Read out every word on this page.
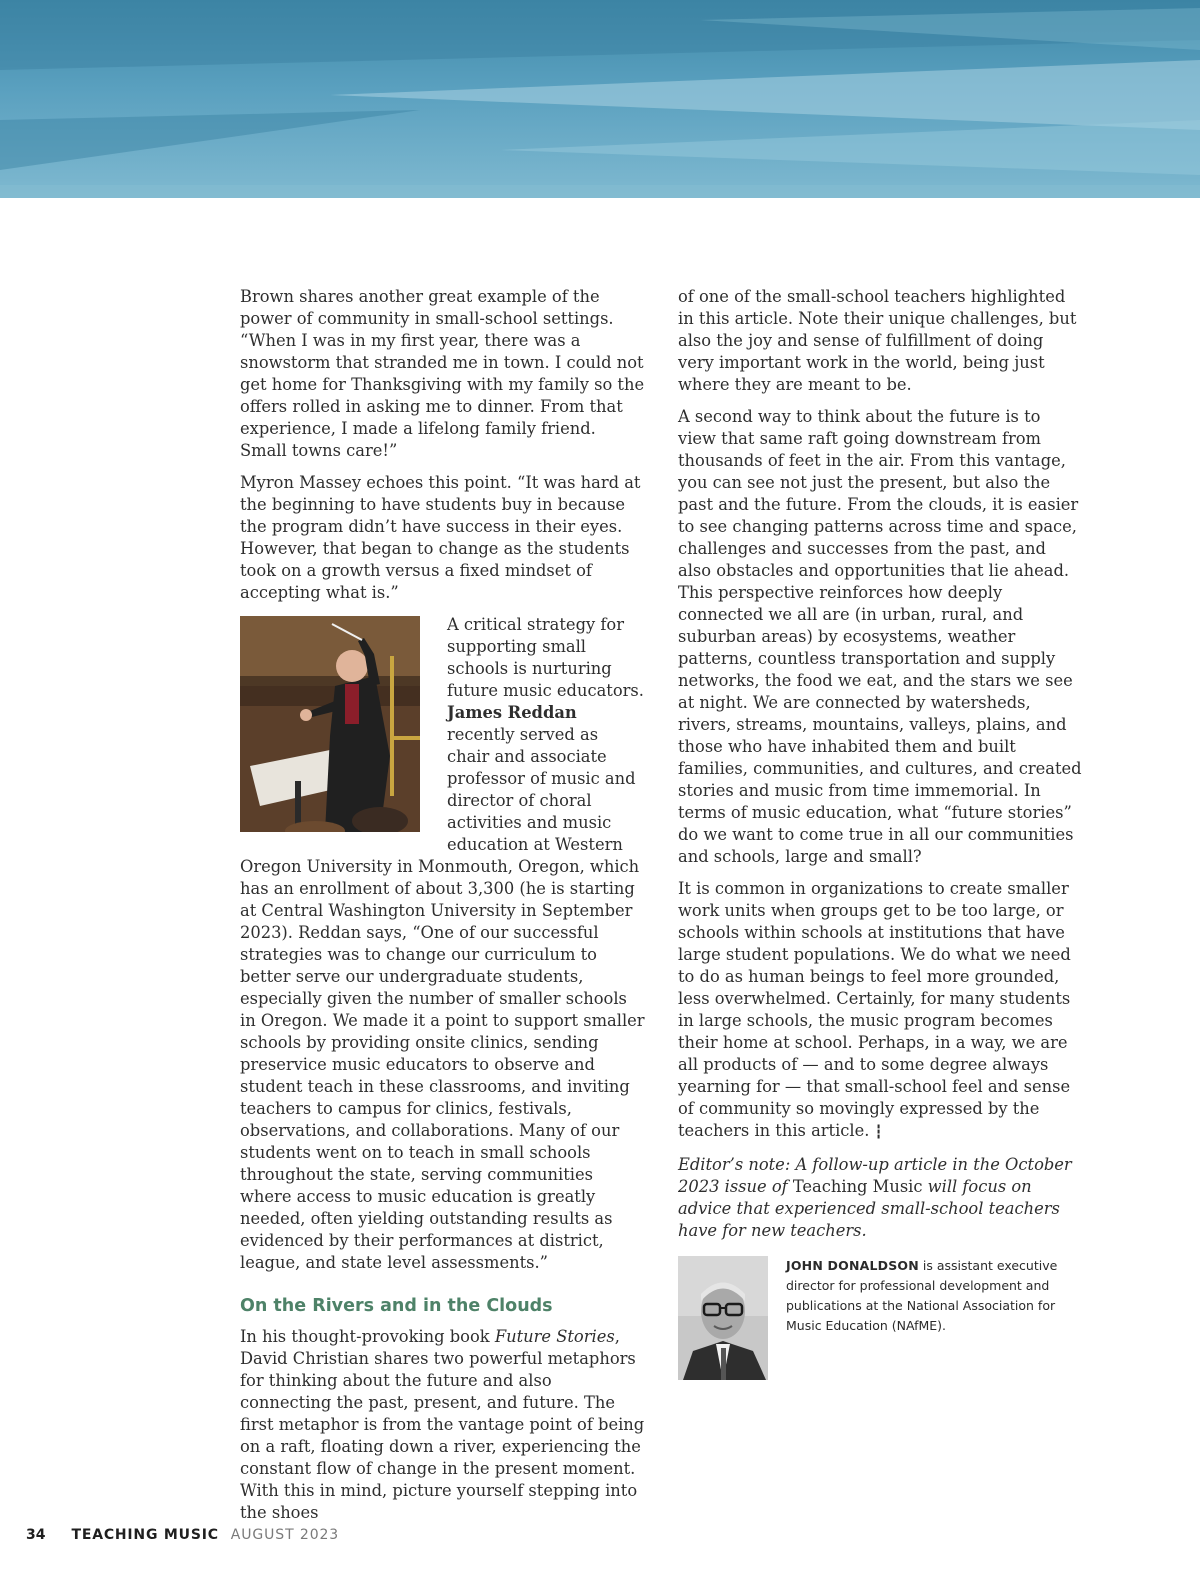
Brown shares another great example of the power of community in small-school settings. “When I was in my first year, there was a snowstorm that stranded me in town. I could not get home for Thanksgiving with my family so the offers rolled in asking me to dinner. From that experience, I made a lifelong family friend. Small towns care!”

Myron Massey echoes this point. “It was hard at the beginning to have students buy in because the program didn’t have success in their eyes. However, that began to change as the students took on a growth versus a fixed mindset of accepting what is.”

A critical strategy for supporting small schools is nurturing future music educators. James Reddan recently served as chair and associate professor of music and director of choral activities and music education at Western Oregon University in Monmouth, Oregon, which has an enrollment of about 3,300 (he is starting at Central Washington University in September 2023). Reddan says, “One of our successful strategies was to change our curriculum to better serve our undergraduate students, especially given the number of smaller schools in Oregon. We made it a point to support smaller schools by providing onsite clinics, sending preservice music educators to observe and student teach in these classrooms, and inviting teachers to campus for clinics, festivals, observations, and collaborations. Many of our students went on to teach in small schools throughout the state, serving communities where access to music education is greatly needed, often yielding outstanding results as evidenced by their performances at district, league, and state level assessments.”

On the Rivers and in the Clouds

In his thought-provoking book Future Stories, David Christian shares two powerful metaphors for thinking about the future and also connecting the past, present, and future. The first metaphor is from the vantage point of being on a raft, floating down a river, experiencing the constant flow of change in the present moment. With this in mind, picture yourself stepping into the shoes

of one of the small-school teachers highlighted in this article. Note their unique challenges, but also the joy and sense of fulfillment of doing very important work in the world, being just where they are meant to be.

A second way to think about the future is to view that same raft going downstream from thousands of feet in the air. From this vantage, you can see not just the present, but also the past and the future. From the clouds, it is easier to see changing patterns across time and space, challenges and successes from the past, and also obstacles and opportunities that lie ahead. This perspective reinforces how deeply connected we all are (in urban, rural, and suburban areas) by ecosystems, weather patterns, countless transportation and supply networks, the food we eat, and the stars we see at night. We are connected by watersheds, rivers, streams, mountains, valleys, plains, and those who have inhabited them and built families, communities, and cultures, and created stories and music from time immemorial. In terms of music education, what “future stories” do we want to come true in all our communities and schools, large and small?

It is common in organizations to create smaller work units when groups get to be too large, or schools within schools at institutions that have large student populations. We do what we need to do as human beings to feel more grounded, less overwhelmed. Certainly, for many students in large schools, the music program becomes their home at school. Perhaps, in a way, we are all products of — and to some degree always yearning for — that small-school feel and sense of community so movingly expressed by the teachers in this article. ┇

Editor’s note: A follow-up article in the October 2023 issue of Teaching Music will focus on advice that experienced small-school teachers have for new teachers.

JOHN DONALDSON is assistant executive director for professional development and publications at the National Association for Music Education (NAfME).

34 TEACHING MUSIC AUGUST 2023
